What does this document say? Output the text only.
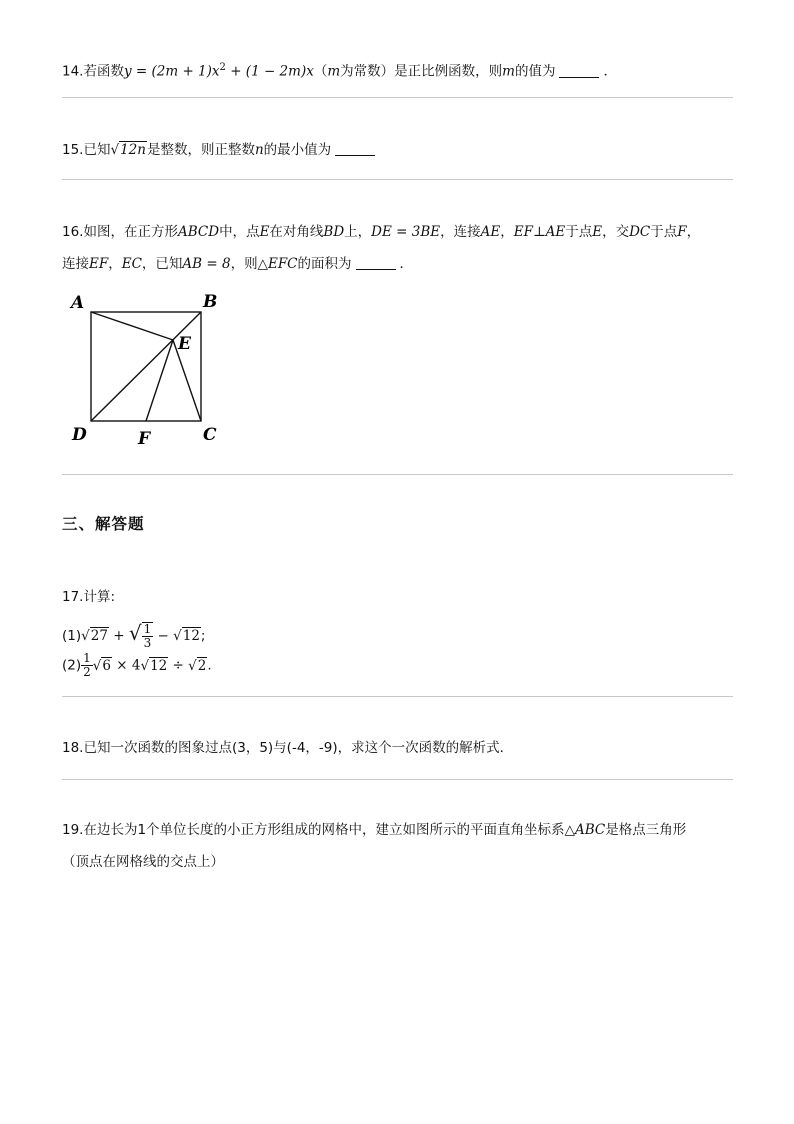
14.若函数$y = (2m + 1)x^2 + (1 - 2m)x(m$为常数）是正比例函数，则m的值为	．
15.已知√12n是整数，则正整数n的最小值为
16.如图，在正方形ABCD中，点E在对角线BD上，DE = 3BE，连接AE，EF⊥AE于点E，交DC于点F，
连接EF，EC，已知AB = 8，则△EFC的面积为	．
A	B
E
D	F	C
三、解答题
17.计算:
(1)√27 + √ $\frac{1}{3} - √12$;
$(2) \frac{1}{2} √6 \times 4√12 \div √2$.
18.已知一次函数的图象过点(3，5)与(-4，-9)，求这个一次函数的解析式．
19.在边长为1个单位长度的小正方形组成的网格中，建立如图所示的平面直角坐标系△ABC是格点三角形
（顶点在网格线的交点上）
